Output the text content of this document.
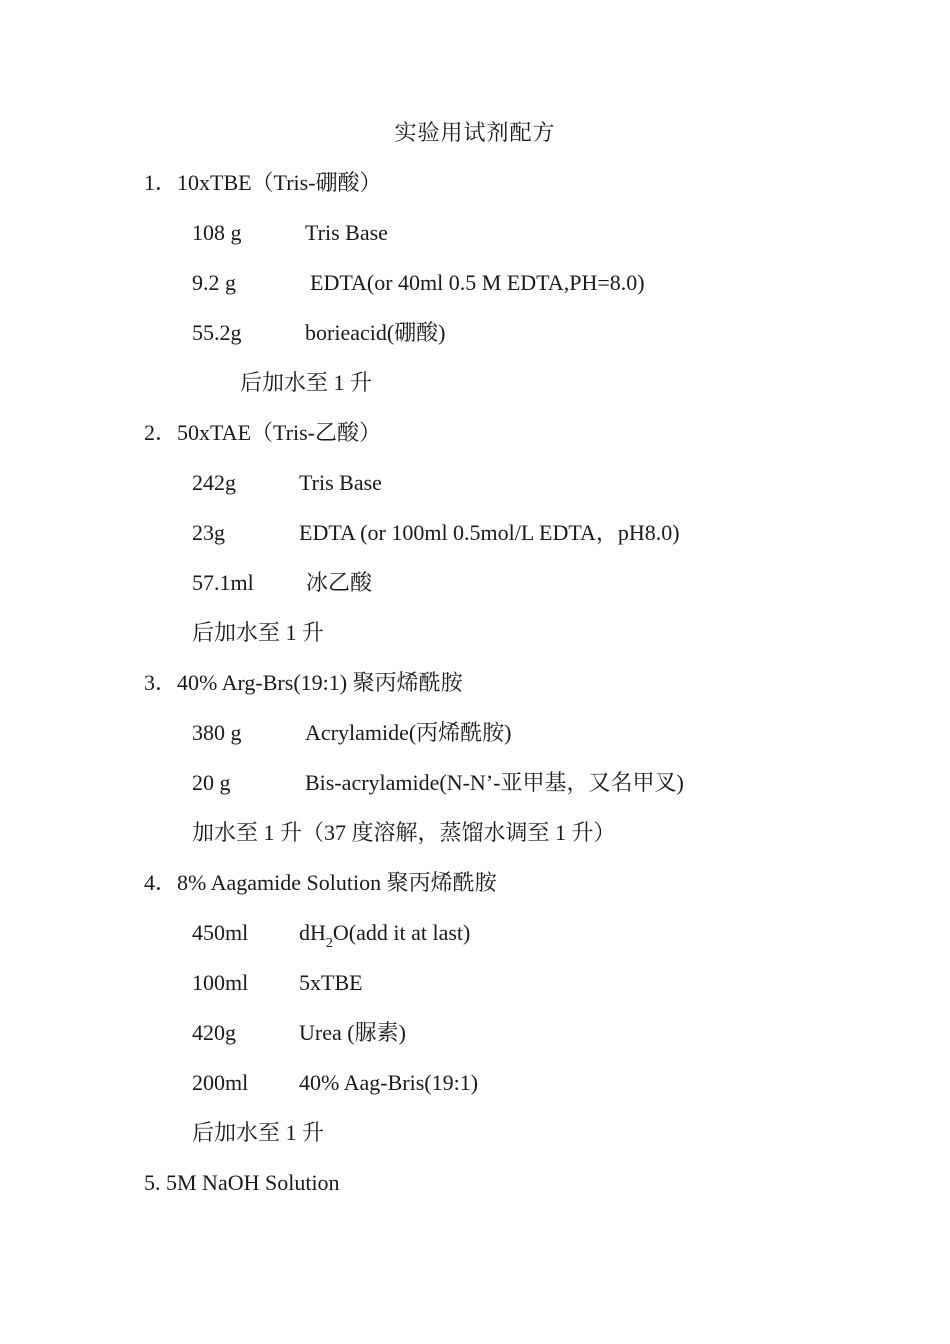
实验用试剂配方
1．10xTBE（Tris-硼酸）
108 g	Tris Base
9.2 g	EDTA(or 40ml 0.5 M EDTA,PH=8.0)
55.2g	borieacid(硼酸)
后加水至 1 升
2．50xTAE（Tris-乙酸）
242g	Tris Base
23g	EDTA (or 100ml 0.5mol/L EDTA，pH8.0)
57.1ml 冰乙酸
后加水至 1 升
3．40% Arg-Brs(19:1) 聚丙烯酰胺
380 g	Acrylamide(丙烯酰胺)
20 g	Bis-acrylamide(N-N’-亚甲基，又名甲叉)
加水至 1 升（37 度溶解，蒸馏水调至 1 升）
4．8% Aagamide Solution 聚丙烯酰胺
450ml $dH_2O(add$ it at last)
100ml 5xTBE
420g	Urea (脲素)
200ml 40% Aag-Bris(19:1)
后加水至 1 升
5. 5M NaOH Solution
